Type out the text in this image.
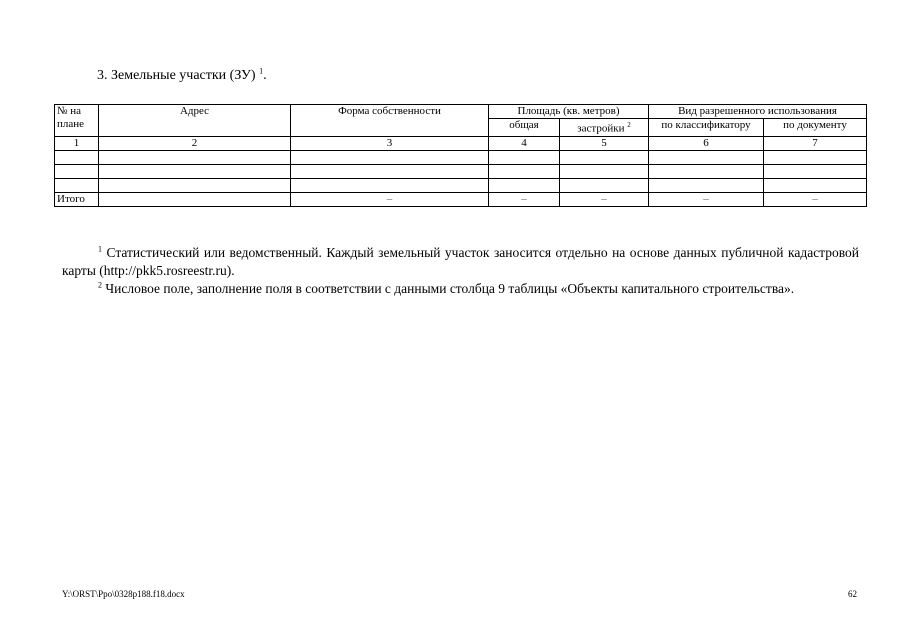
3. Земельные участки (ЗУ) $^1$.
№ на плане	Адрес	Форма собственности	Площадь (кв. метров)		Вид разрешенного использования	
			общая	застройки $^2$	по классификатору	по документу
1	2	3	4	5	6	7

Итого		–	–	–	–	–

$^1$ Статистический или ведомственный. Каждый земельный участок заносится отдельно на основе данных публичной кадастровой карты (http://pkk5.rosreestr.ru).

$^2$ Числовое поле, заполнение поля в соответствии с данными столбца 9 таблицы «Объекты капитального строительства».

Y:\ORST\Ppo\0328p188.f18.docx	62
